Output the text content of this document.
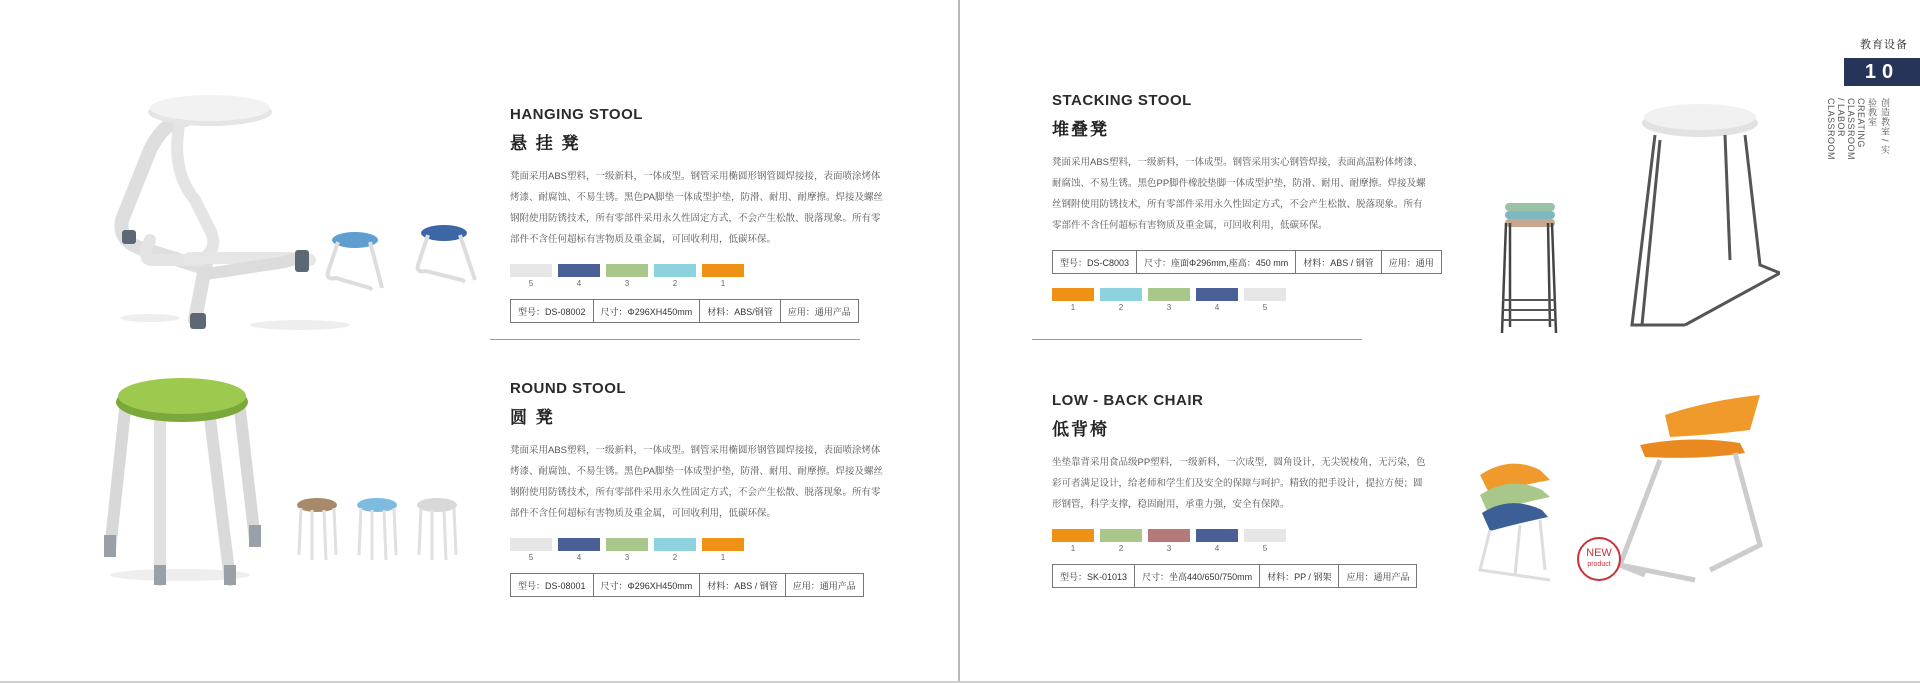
HANGING STOOL
悬 挂 凳

凳面采用ABS塑料，一级新料，一体成型。钢管采用椭圆形钢管圆焊接接，表面喷涂烤体烤漆、耐腐蚀、不易生锈。黑色PA脚垫一体成型护垫，防滑、耐用、耐摩擦。焊接及螺丝钢附使用防锈技术，所有零部件采用永久性固定方式，不会产生松散、脱落现象。所有零部件不含任何超标有害物质及重金属，可回收利用，低碳环保。

5	4	3	2	1
型号：DS-08002	尺寸：Φ296XH450mm	材料：ABS/钢管	应用：通用产品
ROUND STOOL
圆 凳

凳面采用ABS塑料，一级新料，一体成型。钢管采用椭圆形钢管圆焊接接，表面喷涂烤体烤漆、耐腐蚀、不易生锈。黑色PA脚垫一体成型护垫，防滑、耐用、耐摩擦。焊接及螺丝钢附使用防锈技术，所有零部件采用永久性固定方式，不会产生松散、脱落现象。所有零部件不含任何超标有害物质及重金属，可回收利用，低碳环保。

5	4	3	2	1
型号：DS-08001	尺寸：Φ296XH450mm	材料：ABS / 钢管	应用：通用产品
教育设备
10
创造教室 / 实验教室 CREATING CLASSROOM / LABOR CLASSROOM
STACKING STOOL
堆叠凳

凳面采用ABS塑料，一级新料，一体成型。钢管采用实心钢管焊接，表面高温粉体烤漆、耐腐蚀、不易生锈。黑色PP脚件橡胶垫脚一体成型护垫，防滑、耐用、耐摩擦。焊接及螺丝钢附使用防锈技术，所有零部件采用永久性固定方式，不会产生松散、脱落现象。所有零部件不含任何超标有害物质及重金属，可回收利用，低碳环保。

型号：DS-C8003	尺寸：座面Φ296mm,座高：450 mm	材料：ABS / 钢管	应用：通用
1	2	3	4	5
LOW - BACK CHAIR
低背椅

坐垫靠背采用食品级PP塑料，一级新料，一次成型，圆角设计，无尖锐棱角，无污染，色彩可者满足设计，给老师和学生们及安全的保障与呵护。精致的把手设计，提拉方便；圆形钢管，科学支撑，稳固耐用，承重力强，安全有保障。

1	2	3	4	5
型号：SK-01013	尺寸：坐高440/650/750mm	材料：PP / 钢架	应用：通用产品
NEW
product
